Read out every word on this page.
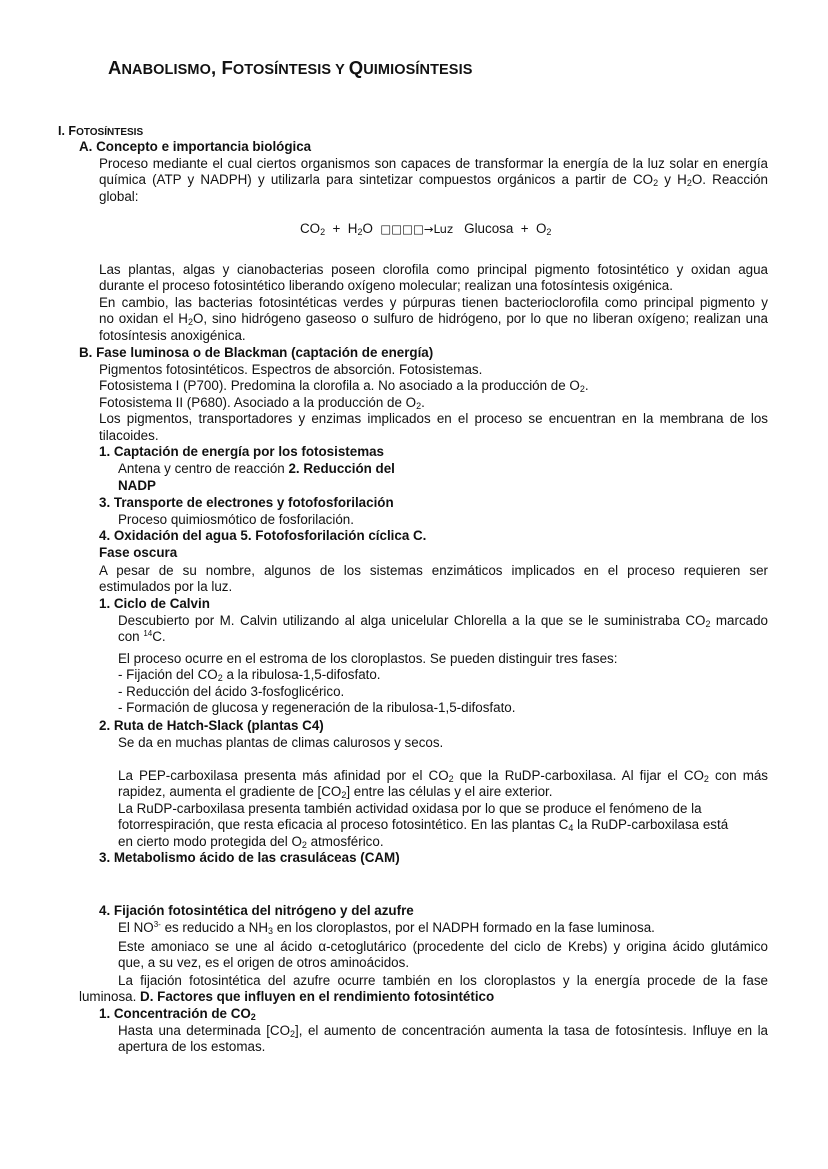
ANABOLISMO, FOTOSÍNTESIS Y QUIMIOSÍNTESIS
I. FOTOSÍNTESIS
A. Concepto e importancia biológica
Proceso mediante el cual ciertos organismos son capaces de transformar la energía de la luz solar en energía
química (ATP y NADPH) y utilizarla para sintetizar compuestos orgánicos a partir de $CO_2$ y $H_2O$. Reacción
global:
$CO_2 + H_2O$  □□□□→Luz   $Glucosa + O_2$
Las plantas, algas y cianobacterias poseen clorofila como principal pigmento fotosintético y oxidan agua
durante el proceso fotosintético liberando oxígeno molecular; realizan una fotosíntesis oxigénica.
En cambio, las bacterias fotosintéticas verdes y púrpuras tienen bacterioclorofila como principal pigmento y
no oxidan el $H_2O$, sino hidrógeno gaseoso o sulfuro de hidrógeno, por lo que no liberan oxígeno; realizan una
fotosíntesis anoxigénica.
B. Fase luminosa o de Blackman (captación de energía)
Pigmentos fotosintéticos. Espectros de absorción. Fotosistemas.
Fotosistema I (P700). Predomina la clorofila a. No asociado a la producción de $O_2$.
Fotosistema II (P680). Asociado a la producción de $O_2$.
Los pigmentos, transportadores y enzimas implicados en el proceso se encuentran en la membrana de los
tilacoides.
1. Captación de energía por los fotosistemas
Antena y centro de reacción 2. Reducción del
NADP
3. Transporte de electrones y fotofosforilación
Proceso quimiosmótico de fosforilación.
4. Oxidación del agua 5. Fotofosforilación cíclica C.
Fase oscura
A pesar de su nombre, algunos de los sistemas enzimáticos implicados en el proceso requieren ser
estimulados por la luz.
1. Ciclo de Calvin
Descubierto por M. Calvin utilizando al alga unicelular Chlorella a la que se le suministraba $CO_2$ marcado
con $^{14}$C.
El proceso ocurre en el estroma de los cloroplastos. Se pueden distinguir tres fases:
- Fijación del $CO_2$ a la ribulosa-1,5-difosfato.
- Reducción del ácido 3-fosfoglicérico.
- Formación de glucosa y regeneración de la ribulosa-1,5-difosfato.
2. Ruta de Hatch-Slack (plantas C4)
Se da en muchas plantas de climas calurosos y secos.
La PEP-carboxilasa presenta más afinidad por el $CO_2$ que la RuDP-carboxilasa. Al fijar el $CO_2$ con más
rapidez, aumenta el gradiente de $[CO_2]$ entre las células y el aire exterior.
La RuDP-carboxilasa presenta también actividad oxidasa por lo que se produce el fenómeno de la
fotorrespiración, que resta eficacia al proceso fotosintético. En las plantas $C_4$ la RuDP-carboxilasa está
en cierto modo protegida del $O_2$ atmosférico.
3. Metabolismo ácido de las crasuláceas (CAM)
4. Fijación fotosintética del nitrógeno y del azufre
El $NO^{3-}$ es reducido a $NH_3$ en los cloroplastos, por el NADPH formado en la fase luminosa.
Este amoniaco se une al ácido α-cetoglutárico (procedente del ciclo de Krebs) y origina ácido glutámico
que, a su vez, es el origen de otros aminoácidos.
La fijación fotosintética del azufre ocurre también en los cloroplastos y la energía procede de la fase
luminosa. D. Factores que influyen en el rendimiento fotosintético
1. Concentración de $CO_2$
Hasta una determinada $[CO_2]$, el aumento de concentración aumenta la tasa de fotosíntesis. Influye en la
apertura de los estomas.
